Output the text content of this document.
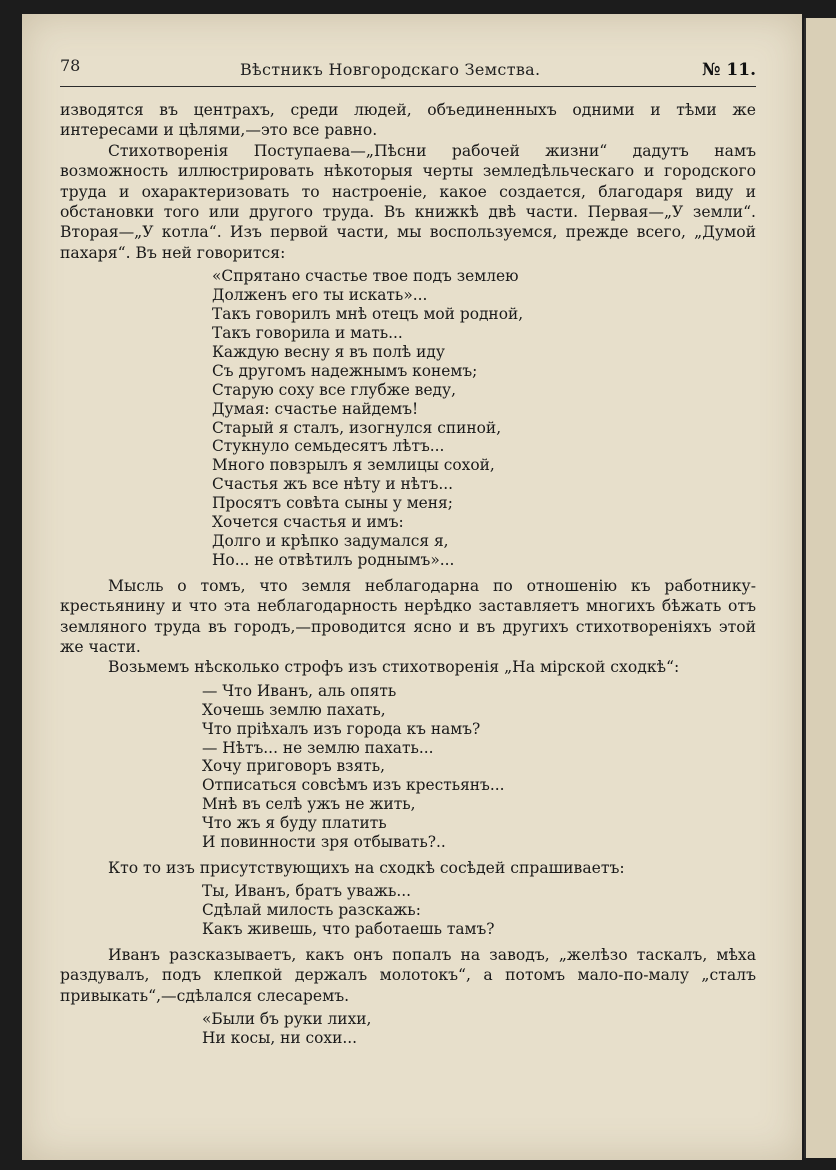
78	Вѣстникъ Новгородскаго Земства.	№ 11.

изводятся въ центрахъ, среди людей, объединенныхъ одними и тѣми же интересами и цѣлями,—это все равно.

Стихотворенія Поступаева—„Пѣсни рабочей жизни“ дадутъ намъ возможность иллюстрировать нѣкоторыя черты земледѣльческаго и городского труда и охарактеризовать то настроеніе, какое создается, благодаря виду и обстановки того или другого труда. Въ книжкѣ двѣ части. Первая—„У земли“. Вторая—„У котла“. Изъ первой части, мы воспользуемся, прежде всего, „Думой пахаря“. Въ ней говорится:

«Спрятано счастье твое подъ землею
Долженъ его ты искать»...
Такъ говорилъ мнѣ отецъ мой родной,
Такъ говорила и мать...
Каждую весну я въ полѣ иду
Съ другомъ надежнымъ конемъ;
Старую соху все глубже веду,
Думая: счастье найдемъ!
Старый я сталъ, изогнулся спиной,
Стукнуло семьдесятъ лѣтъ...
Много повзрылъ я землицы сохой,
Счастья жъ все нѣту и нѣтъ...
Просятъ совѣта сыны у меня;
Хочется счастья и имъ:
Долго и крѣпко задумался я,
Но... не отвѣтилъ роднымъ»...

Мысль о томъ, что земля неблагодарна по отношенію къ работнику-крестьянину и что эта неблагодарность нерѣдко заставляетъ многихъ бѣжать отъ земляного труда въ городъ,—проводится ясно и въ другихъ стихотвореніяхъ этой же части.

Возьмемъ нѣсколько строфъ изъ стихотворенія „На мірской сходкѣ“:

— Что Иванъ, аль опять
Хочешь землю пахать,
Что пріѣхалъ изъ города къ намъ?
— Нѣтъ... не землю пахать...
Хочу приговоръ взять,
Отписаться совсѣмъ изъ крестьянъ...
Мнѣ въ селѣ ужъ не жить,
Что жъ я буду платить
И повинности зря отбывать?..

Кто то изъ присутствующихъ на сходкѣ сосѣдей спрашиваетъ:

Ты, Иванъ, братъ уважь...
Сдѣлай милость разскажь:
Какъ живешь, что работаешь тамъ?

Иванъ разсказываетъ, какъ онъ попалъ на заводъ, „желѣзо таскалъ, мѣха раздувалъ, подъ клепкой держалъ молотокъ“, а потомъ мало-по-малу „сталъ привыкать“,—сдѣлался слесаремъ.

«Были бъ руки лихи,
Ни косы, ни сохи...
